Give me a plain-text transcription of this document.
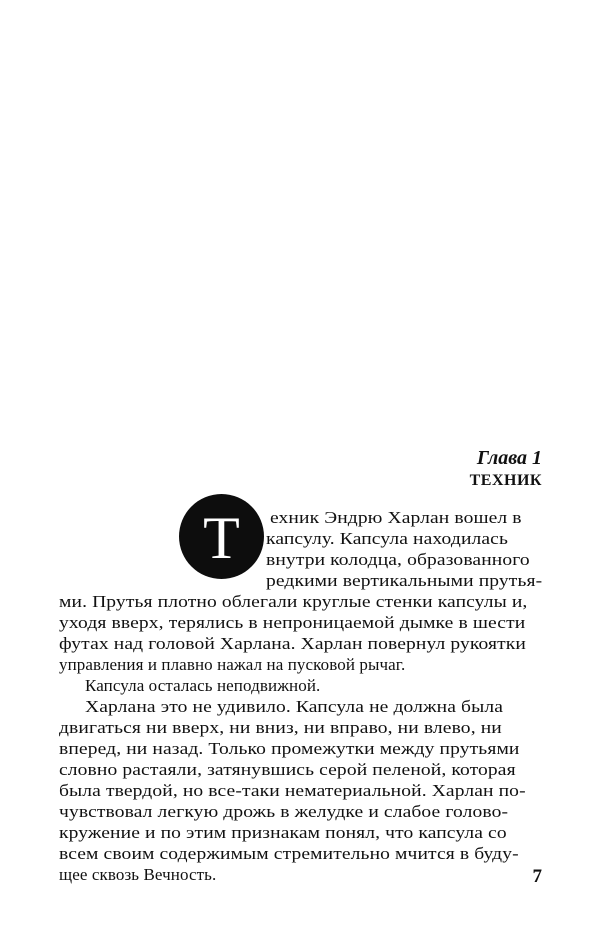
Глава 1
ТЕХНИК
Т ехник Эндрю Харлан вошел в
капсулу. Капсула находилась
внутри колодца, образованного
редкими вертикальными прутья-
ми. Прутья плотно облегали круглые стенки капсулы и,
уходя вверх, терялись в непроницаемой дымке в шести
футах над головой Харлана. Харлан повернул рукоятки
управления и плавно нажал на пусковой рычаг.
Капсула осталась неподвижной.
Харлана это не удивило. Капсула не должна была
двигаться ни вверх, ни вниз, ни вправо, ни влево, ни
вперед, ни назад. Только промежутки между прутьями
словно растаяли, затянувшись серой пеленой, которая
была твердой, но все-таки нематериальной. Харлан по-
чувствовал легкую дрожь в желудке и слабое голово-
кружение и по этим признакам понял, что капсула со
всем своим содержимым стремительно мчится в буду-
щее сквозь Вечность.	7
